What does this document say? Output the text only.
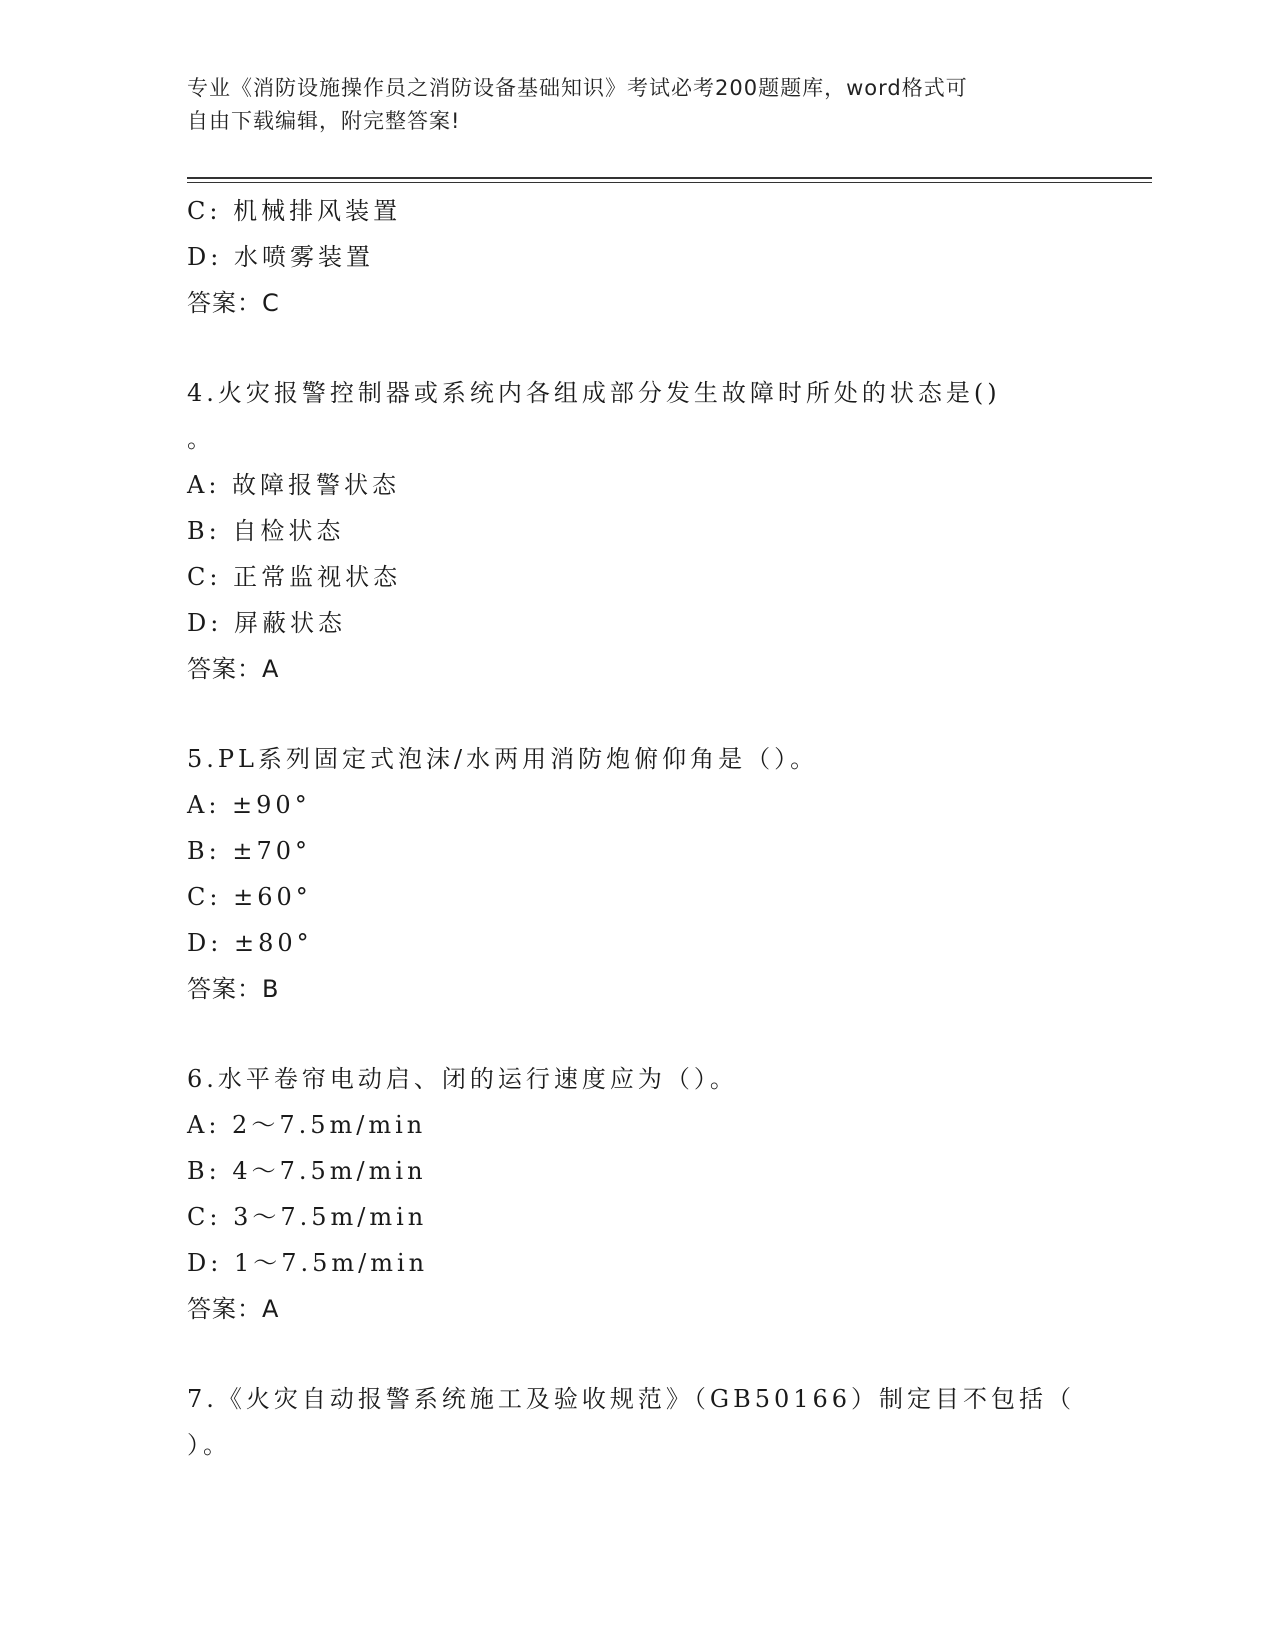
专业《消防设施操作员之消防设备基础知识》考试必考200题题库，word格式可
自由下载编辑，附完整答案!
C: 机械排风装置
D: 水喷雾装置
答案：C
4.火灾报警控制器或系统内各组成部分发生故障时所处的状态是()
。
A: 故障报警状态
B: 自检状态
C: 正常监视状态
D: 屏蔽状态
答案：A
5.PL系列固定式泡沫/水两用消防炮俯仰角是（）。
A: ±90°
B: ±70°
C: ±60°
D: ±80°
答案：B
6.水平卷帘电动启、闭的运行速度应为（）。
A: 2～7.5m/min
B: 4～7.5m/min
C: 3～7.5m/min
D: 1～7.5m/min
答案：A
7.《火灾自动报警系统施工及验收规范》（GB50166）制定目不包括（
）。
